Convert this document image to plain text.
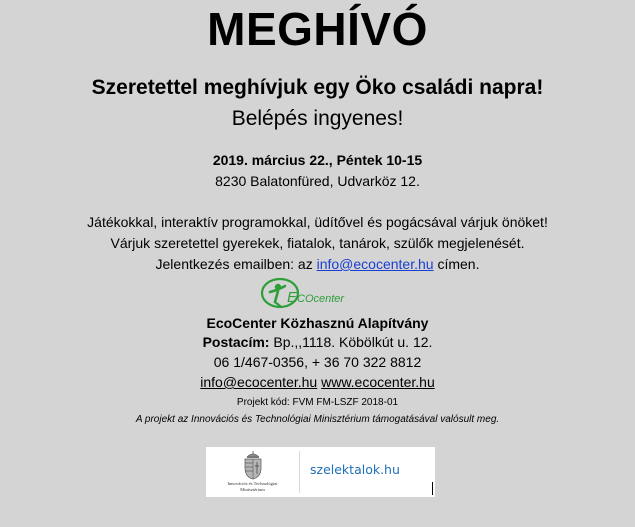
MEGHÍVÓ
Szeretettel meghívjuk egy Öko családi napra!
Belépés ingyenes!
2019. március 22., Péntek 10-15
8230 Balatonfüred, Udvarköz 12.
Játékokkal, interaktív programokkal, üdítővel és pogácsával várjuk önöket!
Várjuk szeretettel gyerekek, fiatalok, tanárok, szülők megjelenését.
Jelentkezés emailben: az info@ecocenter.hu címen.
E COcenter
EcoCenter Közhasznú Alapítvány
Postacím: Bp.,,1118. Köbölkút u. 12.
06 1/467-0356, + 36 70 322 8812
info@ecocenter.hu www.ecocenter.hu
Projekt kód: FVM FM-LSZF 2018-01
A projekt az Innovációs és Technológiai Minisztérium támogatásával valósult meg.
Innovációs és Technológiai
Minisztérium
szelektalok.hu
